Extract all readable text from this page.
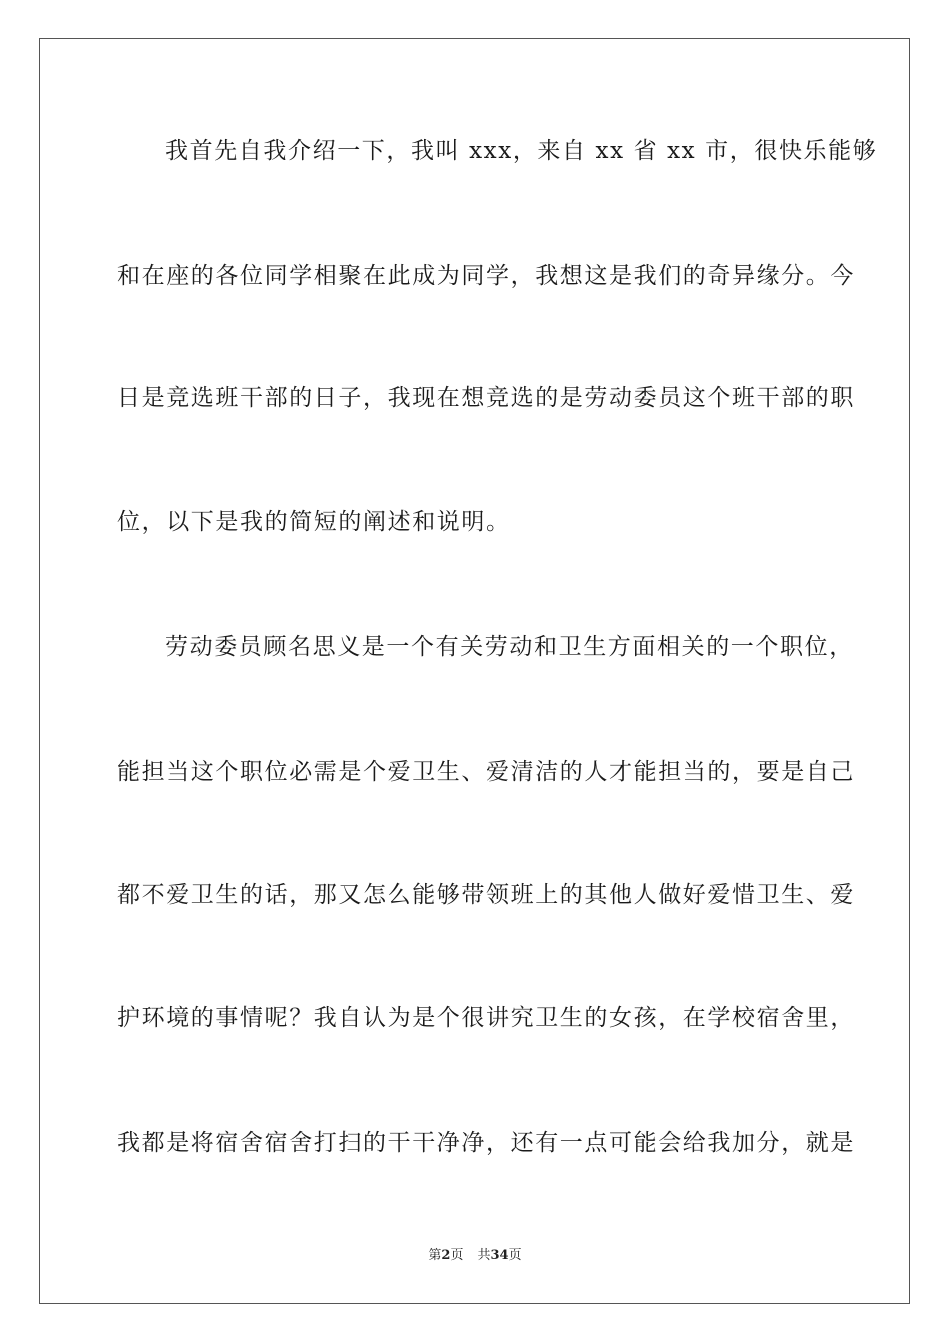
我首先自我介绍一下，我叫 xxx，来自 xx 省 xx 市，很快乐能够
和在座的各位同学相聚在此成为同学，我想这是我们的奇异缘分。今
日是竞选班干部的日子，我现在想竞选的是劳动委员这个班干部的职
位，以下是我的简短的阐述和说明。
劳动委员顾名思义是一个有关劳动和卫生方面相关的一个职位，
能担当这个职位必需是个爱卫生、爱清洁的人才能担当的，要是自己
都不爱卫生的话，那又怎么能够带领班上的其他人做好爱惜卫生、爱
护环境的事情呢？我自认为是个很讲究卫生的女孩，在学校宿舍里，
我都是将宿舍宿舍打扫的干干净净，还有一点可能会给我加分，就是
第2页 共34页
